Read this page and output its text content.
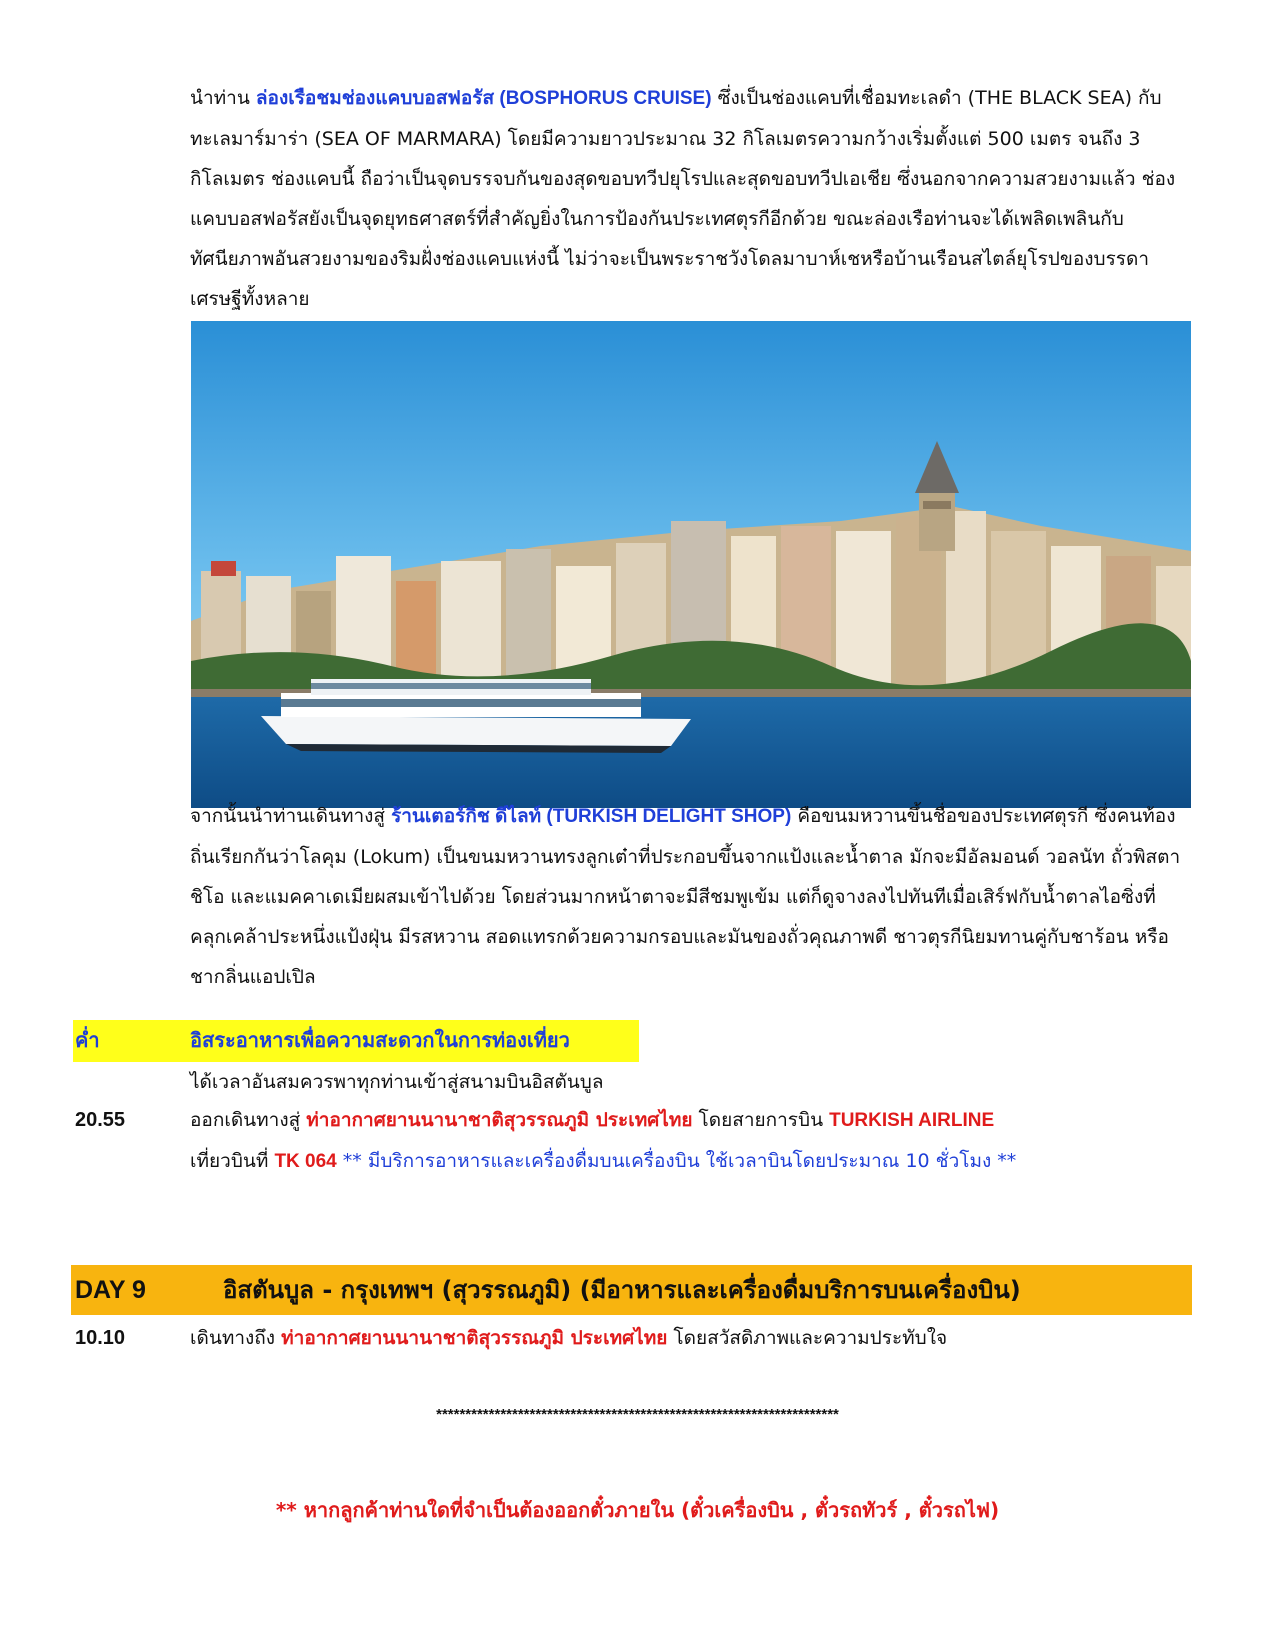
นำท่าน ล่องเรือชมช่องแคบบอสฟอรัส (BOSPHORUS CRUISE) ซึ่งเป็นช่องแคบที่เชื่อมทะเลดำ (THE BLACK SEA) กับทะเลมาร์มาร่า (SEA OF MARMARA) โดยมีความยาวประมาณ 32 กิโลเมตรความกว้างเริ่มตั้งแต่ 500 เมตร จนถึง 3 กิโลเมตร ช่องแคบนี้ ถือว่าเป็นจุดบรรจบกันของสุดขอบทวีปยุโรปและสุดขอบทวีปเอเชีย ซึ่งนอกจากความสวยงามแล้ว ช่องแคบบอสฟอรัสยังเป็นจุดยุทธศาสตร์ที่สำคัญยิ่งในการป้องกันประเทศตุรกีอีกด้วย ขณะล่องเรือท่านจะได้เพลิดเพลินกับทัศนียภาพอันสวยงามของริมฝั่งช่องแคบแห่งนี้ ไม่ว่าจะเป็นพระราชวังโดลมาบาห์เชหรือบ้านเรือนสไตล์ยุโรปของบรรดาเศรษฐีทั้งหลาย

จากนั้นนำท่านเดินทางสู่ ร้านเตอร์กิช ดีไลท์ (TURKISH DELIGHT SHOP) คือขนมหวานขึ้นชื่อของประเทศตุรกี ซึ่งคนท้องถิ่นเรียกกันว่าโลคุม (Lokum) เป็นขนมหวานทรงลูกเต๋าที่ประกอบขึ้นจากแป้งและน้ำตาล มักจะมีอัลมอนด์ วอลนัท ถั่วพิสตาชิโอ และแมคคาเดเมียผสมเข้าไปด้วย โดยส่วนมากหน้าตาจะมีสีชมพูเข้ม แต่ก็ดูจางลงไปทันทีเมื่อเสิร์ฟกับน้ำตาลไอซิ่งที่คลุกเคล้าประหนึ่งแป้งฝุ่น มีรสหวาน สอดแทรกด้วยความกรอบและมันของถั่วคุณภาพดี ชาวตุรกีนิยมทานคู่กับชาร้อน หรือ ชากลิ่นแอปเปิล

ค่ำ	อิสระอาหารเพื่อความสะดวกในการท่องเที่ยว
ได้เวลาอันสมควรพาทุกท่านเข้าสู่สนามบินอิสตันบูล
20.55	ออกเดินทางสู่ ท่าอากาศยานนานาชาติสุวรรณภูมิ ประเทศไทย โดยสายการบิน TURKISH AIRLINE
เที่ยวบินที่ TK 064 ** มีบริการอาหารและเครื่องดื่มบนเครื่องบิน ใช้เวลาบินโดยประมาณ 10 ชั่วโมง **
DAY 9	อิสตันบูล - กรุงเทพฯ (สุวรรณภูมิ) (มีอาหารและเครื่องดื่มบริการบนเครื่องบิน)
10.10	เดินทางถึง ท่าอากาศยานนานาชาติสุวรรณภูมิ ประเทศไทย โดยสวัสดิภาพและความประทับใจ
*********************************************************************
** หากลูกค้าท่านใดที่จำเป็นต้องออกตั๋วภายใน (ตั๋วเครื่องบิน , ตั๋วรถทัวร์ , ตั๋วรถไฟ)
